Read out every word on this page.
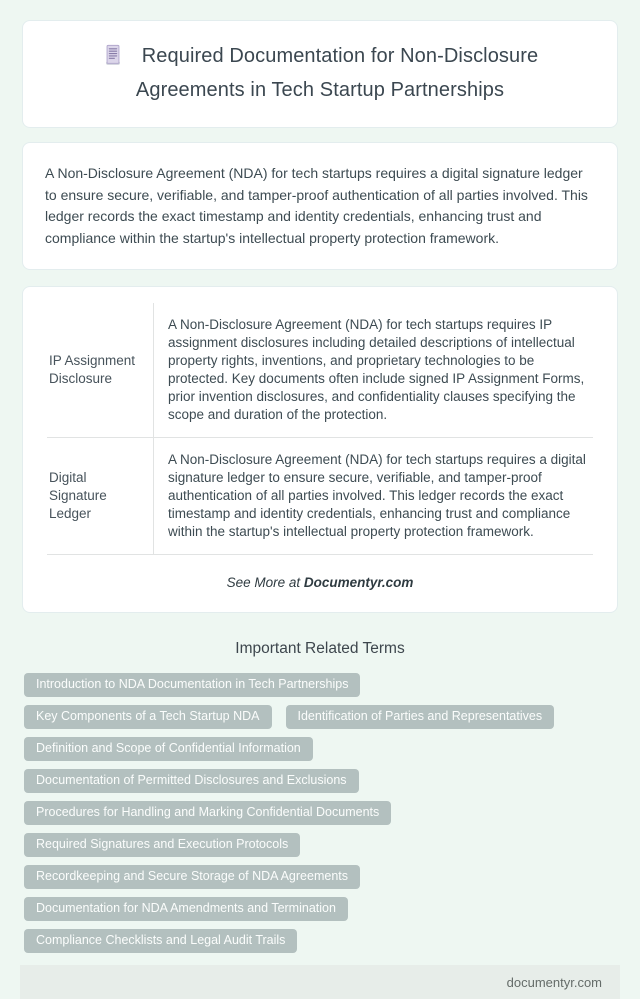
Required Documentation for Non-Disclosure Agreements in Tech Startup Partnerships

A Non-Disclosure Agreement (NDA) for tech startups requires a digital signature ledger to ensure secure, verifiable, and tamper-proof authentication of all parties involved. This ledger records the exact timestamp and identity credentials, enhancing trust and compliance within the startup's intellectual property protection framework.

IP Assignment Disclosure	A Non-Disclosure Agreement (NDA) for tech startups requires IP assignment disclosures including detailed descriptions of intellectual property rights, inventions, and proprietary technologies to be protected. Key documents often include signed IP Assignment Forms, prior invention disclosures, and confidentiality clauses specifying the scope and duration of the protection.
Digital Signature Ledger	A Non-Disclosure Agreement (NDA) for tech startups requires a digital signature ledger to ensure secure, verifiable, and tamper-proof authentication of all parties involved. This ledger records the exact timestamp and identity credentials, enhancing trust and compliance within the startup's intellectual property protection framework.

See More at Documentyr.com

Important Related Terms
Introduction to NDA Documentation in Tech Partnerships
Key Components of a Tech Startup NDA	Identification of Parties and Representatives
Definition and Scope of Confidential Information
Documentation of Permitted Disclosures and Exclusions
Procedures for Handling and Marking Confidential Documents
Required Signatures and Execution Protocols
Recordkeeping and Secure Storage of NDA Agreements
Documentation for NDA Amendments and Termination
Compliance Checklists and Legal Audit Trails
documentyr.com
